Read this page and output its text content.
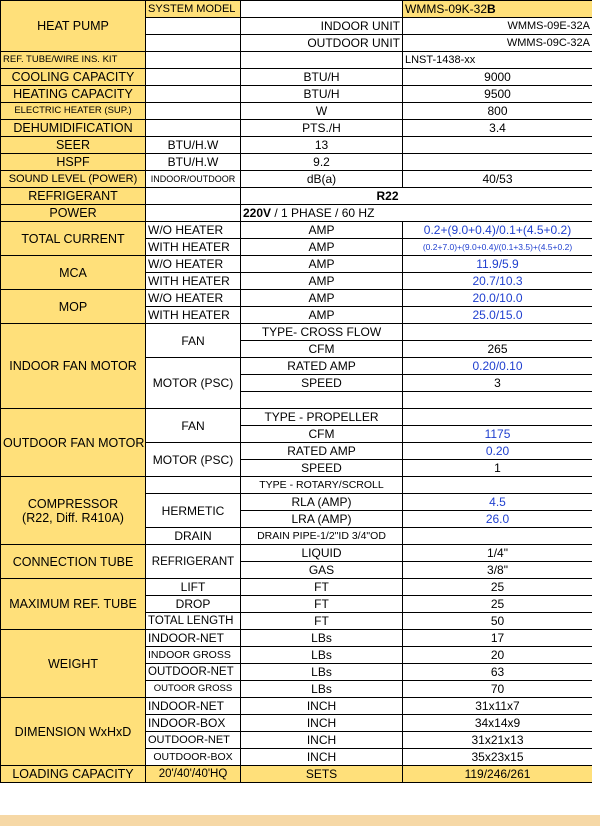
HEAT PUMP	SYSTEM MODEL		WMMS-09K-32B
		INDOOR UNIT	WMMS-09E-32A
		OUTDOOR UNIT	WMMS-09C-32A
REF. TUBE/WIRE INS. KIT			LNST-1438-xx
COOLING CAPACITY		BTU/H	9000
HEATING CAPACITY		BTU/H	9500
ELECTRIC HEATER (SUP.)		W	800
DEHUMIDIFICATION		PTS./H	3.4
SEER	BTU/H.W	13	
HSPF	BTU/H.W	9.2	
SOUND LEVEL (POWER)	INDOOR/OUTDOOR	dB(a)	40/53
REFRIGERANT		R22	
POWER		220V / 1 PHASE / 60 HZ	
TOTAL CURRENT	W/O HEATER	AMP	0.2+(9.0+0.4)/0.1+(4.5+0.2)
	WITH HEATER	AMP	(0.2+7.0)+(9.0+0.4)/(0.1+3.5)+(4.5+0.2)
MCA	W/O HEATER	AMP	11.9/5.9
	WITH HEATER	AMP	20.7/10.3
MOP	W/O HEATER	AMP	20.0/10.0
	WITH HEATER	AMP	25.0/15.0
INDOOR FAN MOTOR	FAN	TYPE- CROSS FLOW	
		CFM	265
	MOTOR (PSC)	RATED AMP	0.20/0.10
		SPEED	3

OUTDOOR FAN MOTOR	FAN	TYPE - PROPELLER	
		CFM	1175
	MOTOR (PSC)	RATED AMP	0.20
		SPEED	1

COMPRESSOR
(R22, Diff. R410A)		TYPE - ROTARY/SCROLL	
	HERMETIC	RLA (AMP)	4.5
		LRA (AMP)	26.0
	DRAIN	DRAIN PIPE-1/2"ID 3/4"OD	
CONNECTION TUBE	REFRIGERANT	LIQUID	1/4"
		GAS	3/8"
MAXIMUM REF. TUBE	LIFT	FT	25
	DROP	FT	25
	TOTAL LENGTH	FT	50
WEIGHT	INDOOR-NET	LBs	17
	INDOOR GROSS	LBs	20
	OUTDOOR-NET	LBs	63
	OUTOOR GROSS	LBs	70
DIMENSION WxHxD	INDOOR-NET	INCH	31x11x7
	INDOOR-BOX	INCH	34x14x9
	OUTDOOR-NET	INCH	31x21x13
	OUTDOOR-BOX	INCH	35x23x15
LOADING CAPACITY	20'/40'/40'HQ	SETS	119/246/261
